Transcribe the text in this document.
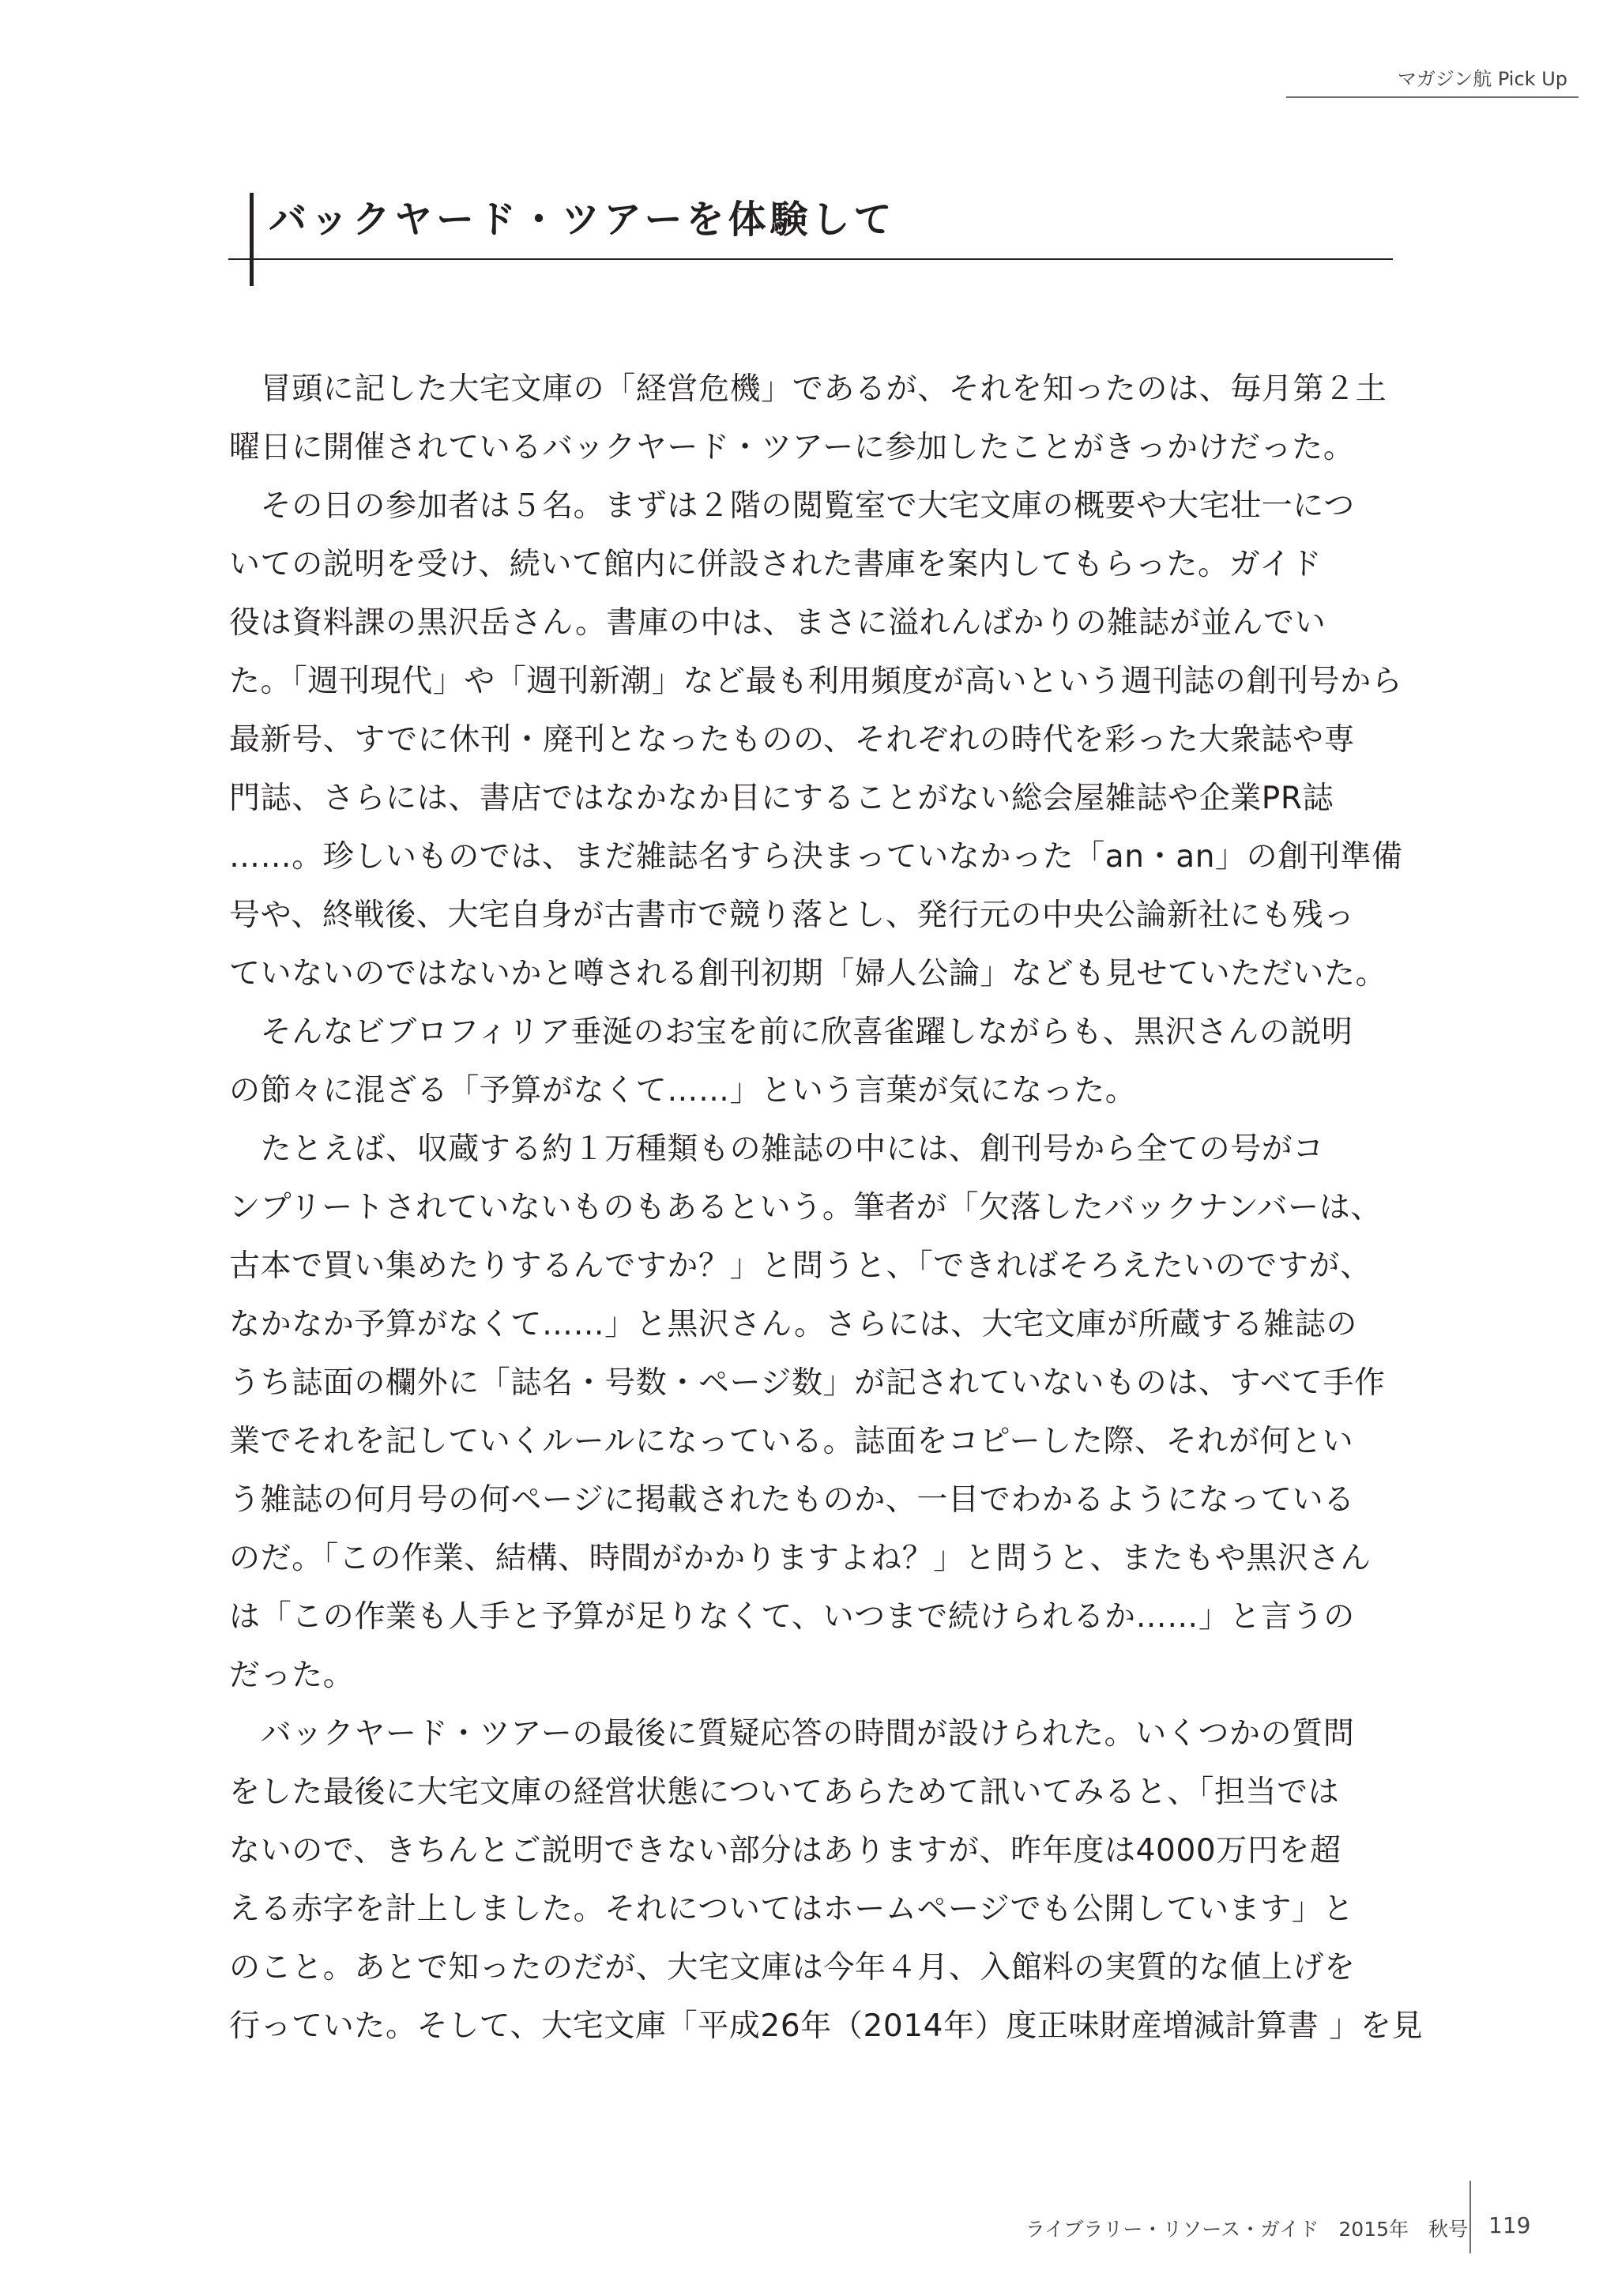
マガジン航 Pick Up
バックヤード・ツアーを体験して
　冒頭に記した大宅文庫の「経営危機」であるが、それを知ったのは、毎月第２土
曜日に開催されているバックヤード・ツアーに参加したことがきっかけだった。
　その日の参加者は５名。まずは２階の閲覧室で大宅文庫の概要や大宅壮一につ
いての説明を受け、続いて館内に併設された書庫を案内してもらった。ガイド
役は資料課の黒沢岳さん。書庫の中は、まさに溢れんばかりの雑誌が並んでい
た。「週刊現代」や「週刊新潮」など最も利用頻度が高いという週刊誌の創刊号から
最新号、すでに休刊・廃刊となったものの、それぞれの時代を彩った大衆誌や専
門誌、さらには、書店ではなかなか目にすることがない総会屋雑誌や企業PR誌
……。珍しいものでは、まだ雑誌名すら決まっていなかった「an・an」の創刊準備
号や、終戦後、大宅自身が古書市で競り落とし、発行元の中央公論新社にも残っ
ていないのではないかと噂される創刊初期「婦人公論」なども見せていただいた。
　そんなビブロフィリア垂涎のお宝を前に欣喜雀躍しながらも、黒沢さんの説明
の節々に混ざる「予算がなくて……」という言葉が気になった。
　たとえば、収蔵する約１万種類もの雑誌の中には、創刊号から全ての号がコ
ンプリートされていないものもあるという。筆者が「欠落したバックナンバーは、
古本で買い集めたりするんですか？」と問うと、「できればそろえたいのですが、
なかなか予算がなくて……」と黒沢さん。さらには、大宅文庫が所蔵する雑誌の
うち誌面の欄外に「誌名・号数・ページ数」が記されていないものは、すべて手作
業でそれを記していくルールになっている。誌面をコピーした際、それが何とい
う雑誌の何月号の何ページに掲載されたものか、一目でわかるようになっている
のだ。「この作業、結構、時間がかかりますよね？」と問うと、またもや黒沢さん
は「この作業も人手と予算が足りなくて、いつまで続けられるか……」と言うの
だった。
　バックヤード・ツアーの最後に質疑応答の時間が設けられた。いくつかの質問
をした最後に大宅文庫の経営状態についてあらためて訊いてみると、「担当では
ないので、きちんとご説明できない部分はありますが、昨年度は4000万円を超
える赤字を計上しました。それについてはホームページでも公開しています」と
のこと。あとで知ったのだが、大宅文庫は今年４月、入館料の実質的な値上げを
行っていた。そして、大宅文庫「平成26年（2014年）度正味財産増減計算書 」を見
ライブラリー・リソース・ガイド　2015年　秋号 119
